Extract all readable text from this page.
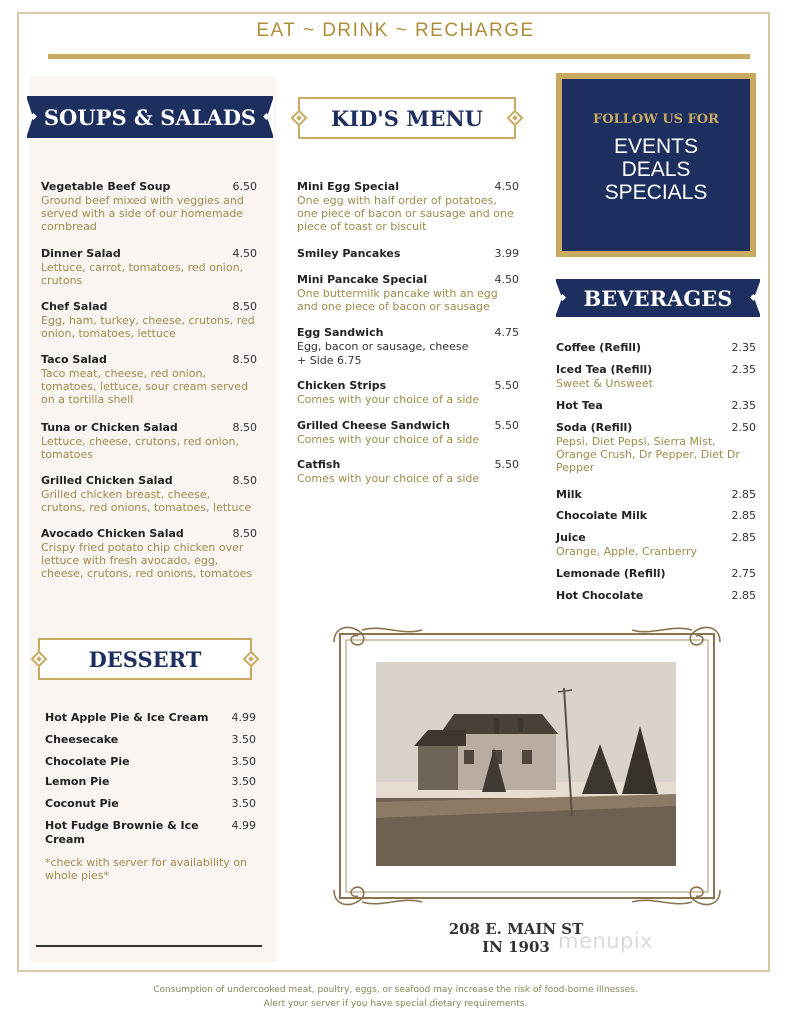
EAT ~ DRINK ~ RECHARGE
SOUPS & SALADS
Vegetable Beef Soup	6.50
Ground beef mixed with veggies and served with a side of our homemade cornbread
Dinner Salad	4.50
Lettuce, carrot, tomatoes, red onion, crutons
Chef Salad	8.50
Egg, ham, turkey, cheese, crutons, red onion, tomatoes, lettuce
Taco Salad	8.50
Taco meat, cheese, red onion, tomatoes, lettuce, sour cream served on a tortilla shell
Tuna or Chicken Salad	8.50
Lettuce, cheese, crutons, red onion, tomatoes
Grilled Chicken Salad	8.50
Grilled chicken breast, cheese, crutons, red onions, tomatoes, lettuce
Avocado Chicken Salad	8.50
Crispy fried potato chip chicken over lettuce with fresh avocado, egg, cheese, crutons, red onions, tomatoes
KID'S MENU
Mini Egg Special	4.50
One egg with half order of potatoes, one piece of bacon or sausage and one piece of toast or biscuit
Smiley Pancakes	3.99
Mini Pancake Special	4.50
One buttermilk pancake with an egg and one piece of bacon or sausage
Egg Sandwich	4.75
Egg, bacon or sausage, cheese
+ Side 6.75
Chicken Strips	5.50
Comes with your choice of a side
Grilled Cheese Sandwich	5.50
Comes with your choice of a side
Catfish	5.50
Comes with your choice of a side
FOLLOW US FOR
EVENTS
DEALS
SPECIALS
BEVERAGES
Coffee (Refill)	2.35
Iced Tea (Refill)	2.35
Sweet & Unsweet
Hot Tea	2.35
Soda (Refill)	2.50
Pepsi, Diet Pepsi, Sierra Mist, Orange Crush, Dr Pepper, Diet Dr Pepper
Milk	2.85
Chocolate Milk	2.85
Juice	2.85
Orange, Apple, Cranberry
Lemonade (Refill)	2.75
Hot Chocolate	2.85
DESSERT
Hot Apple Pie & Ice Cream 4.99
Cheesecake	3.50
Chocolate Pie	3.50
Lemon Pie	3.50
Coconut Pie	3.50
Hot Fudge Brownie & Ice Cream
4.99
*check with server for availability on whole pies*
208 E. MAIN ST
IN 1903 menupix
Consumption of undercooked meat, poultry, eggs, or seafood may increase the risk of food-borne illnesses.
Alert your server if you have special dietary requirements.
